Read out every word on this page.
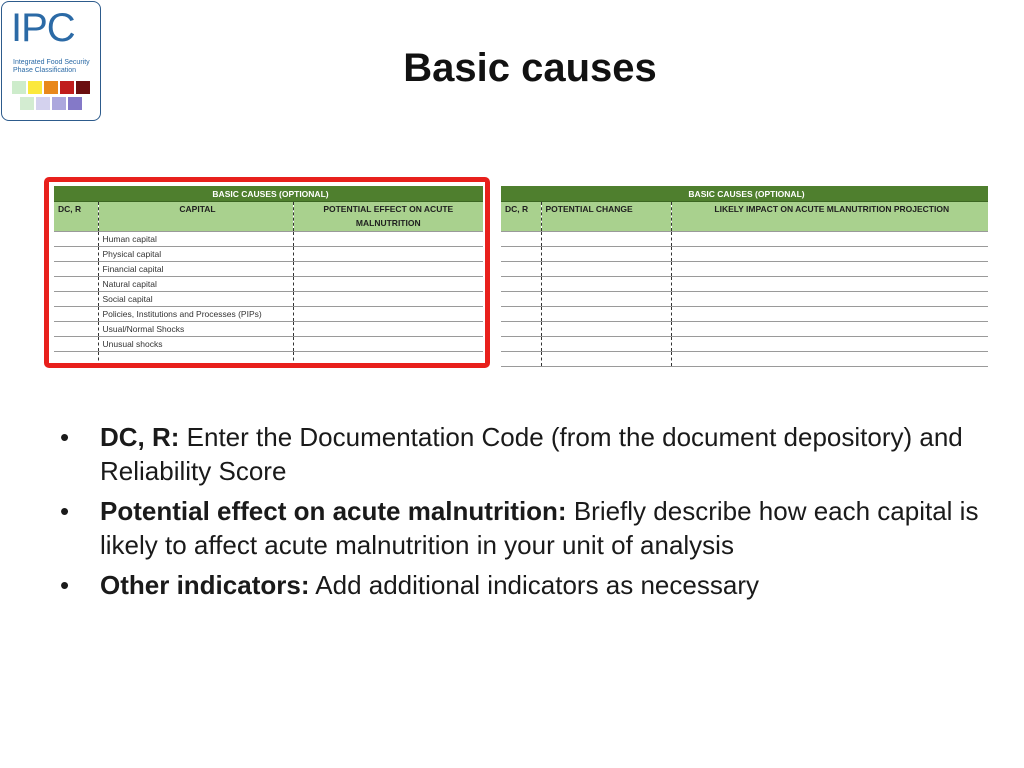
IPC
Integrated Food Security Phase Classification	Basic causes
BASIC CAUSES (OPTIONAL)		
DC, R	CAPITAL	POTENTIAL EFFECT ON ACUTE MALNUTRITION
	Human capital	
	Physical capital	
	Financial capital	
	Natural capital	
	Social capital	
	Policies, Institutions and Processes (PIPs)	
	Usual/Normal Shocks	
	Unusual shocks	

BASIC CAUSES (OPTIONAL)		
DC, R	POTENTIAL CHANGE	LIKELY IMPACT ON ACUTE MLANUTRITION PROJECTION

• DC, R: Enter the Documentation Code (from the document depository) and Reliability Score
• Potential effect on acute malnutrition: Briefly describe how each capital is likely to affect acute malnutrition in your unit of analysis
• Other indicators: Add additional indicators as necessary
